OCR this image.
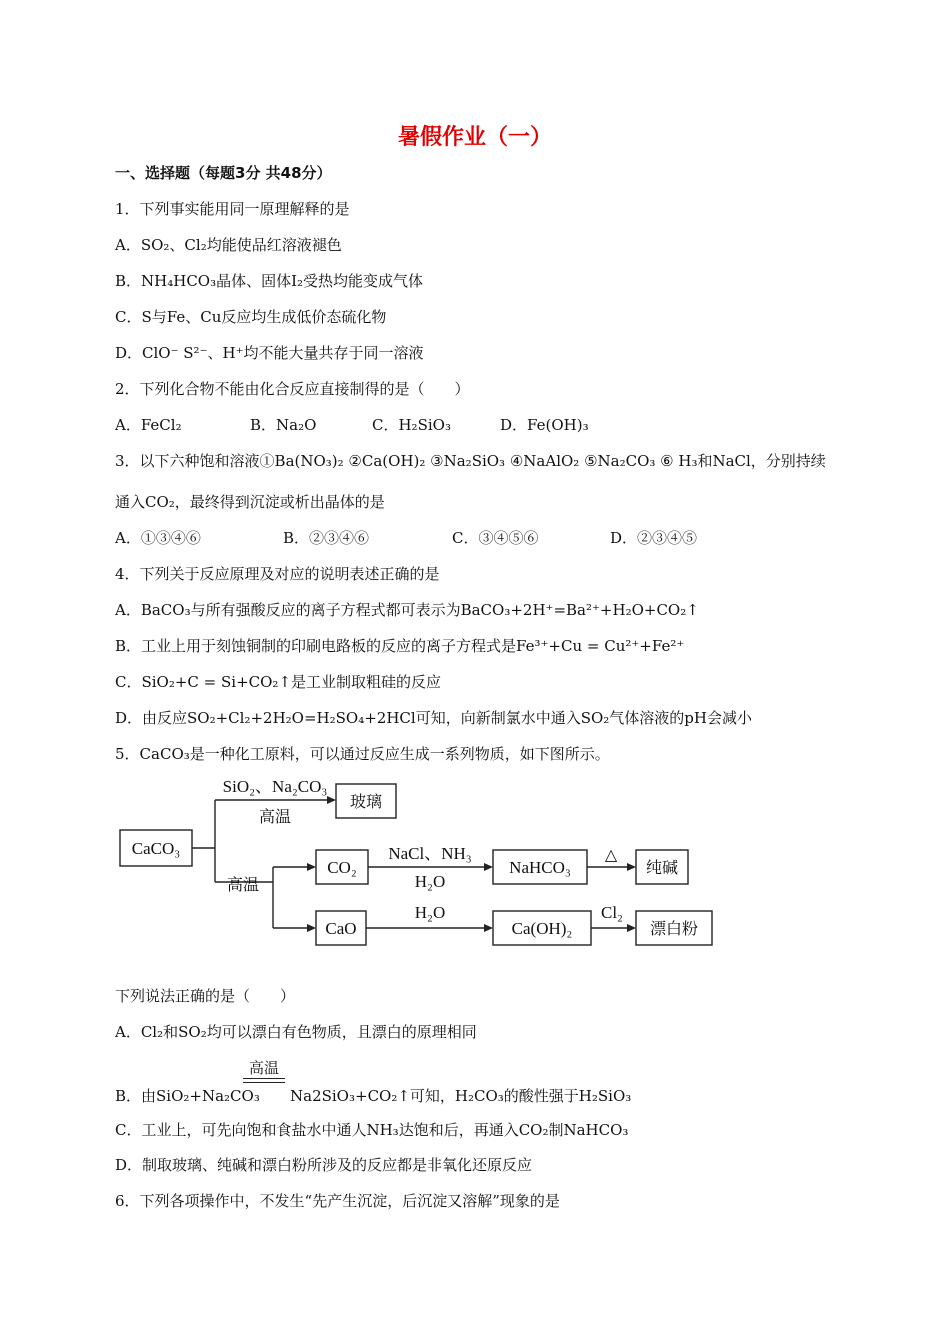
暑假作业（一）
一、选择题（每题3分 共48分）
1．下列事实能用同一原理解释的是
A．SO₂、Cl₂均能使品红溶液褪色
B．NH₄HCO₃晶体、固体I₂受热均能变成气体
C．S与Fe、Cu反应均生成低价态硫化物
D．ClO⁻ S²⁻、H⁺均不能大量共存于同一溶液
2．下列化合物不能由化合反应直接制得的是（　　）
A．FeCl₂	B．Na₂O	C．H₂SiO₃	D．Fe(OH)₃
3．以下六种饱和溶液①Ba(NO₃)₂ ②Ca(OH)₂ ③Na₂SiO₃ ④NaAlO₂ ⑤Na₂CO₃ ⑥ H₃和NaCl，分别持续
通入CO₂，最终得到沉淀或析出晶体的是
A．①③④⑥	B．②③④⑥	C．③④⑤⑥	D．②③④⑤
4．下列关于反应原理及对应的说明表述正确的是
A．BaCO₃与所有强酸反应的离子方程式都可表示为BaCO₃+2H⁺=Ba²⁺+H₂O+CO₂↑
B．工业上用于刻蚀铜制的印刷电路板的反应的离子方程式是Fe³⁺+Cu = Cu²⁺+Fe²⁺
C．SiO₂+C = Si+CO₂↑是工业制取粗硅的反应
D．由反应SO₂+Cl₂+2H₂O=H₂SO₄+2HCl可知，向新制氯水中通入SO₂气体溶液的pH会减小
5．CaCO₃是一种化工原料，可以通过反应生成一系列物质，如下图所示。
CaCO₃
SiO₂、Na₂CO₃
高温
玻璃
高温
CO₂
NaCl、NH₃
H₂O
NaHCO₃
△
纯碱
CaO
H₂O
Ca(OH)₂
Cl₂
漂白粉
下列说法正确的是（　　）
A．Cl₂和SO₂均可以漂白有色物质，且漂白的原理相同
高温
B．由SiO₂+Na₂CO₃ Na2SiO₃+CO₂↑可知，H₂CO₃的酸性强于H₂SiO₃
C．工业上，可先向饱和食盐水中通人NH₃达饱和后，再通入CO₂制NaHCO₃
D．制取玻璃、纯碱和漂白粉所涉及的反应都是非氧化还原反应
6．下列各项操作中，不发生“先产生沉淀，后沉淀又溶解”现象的是
